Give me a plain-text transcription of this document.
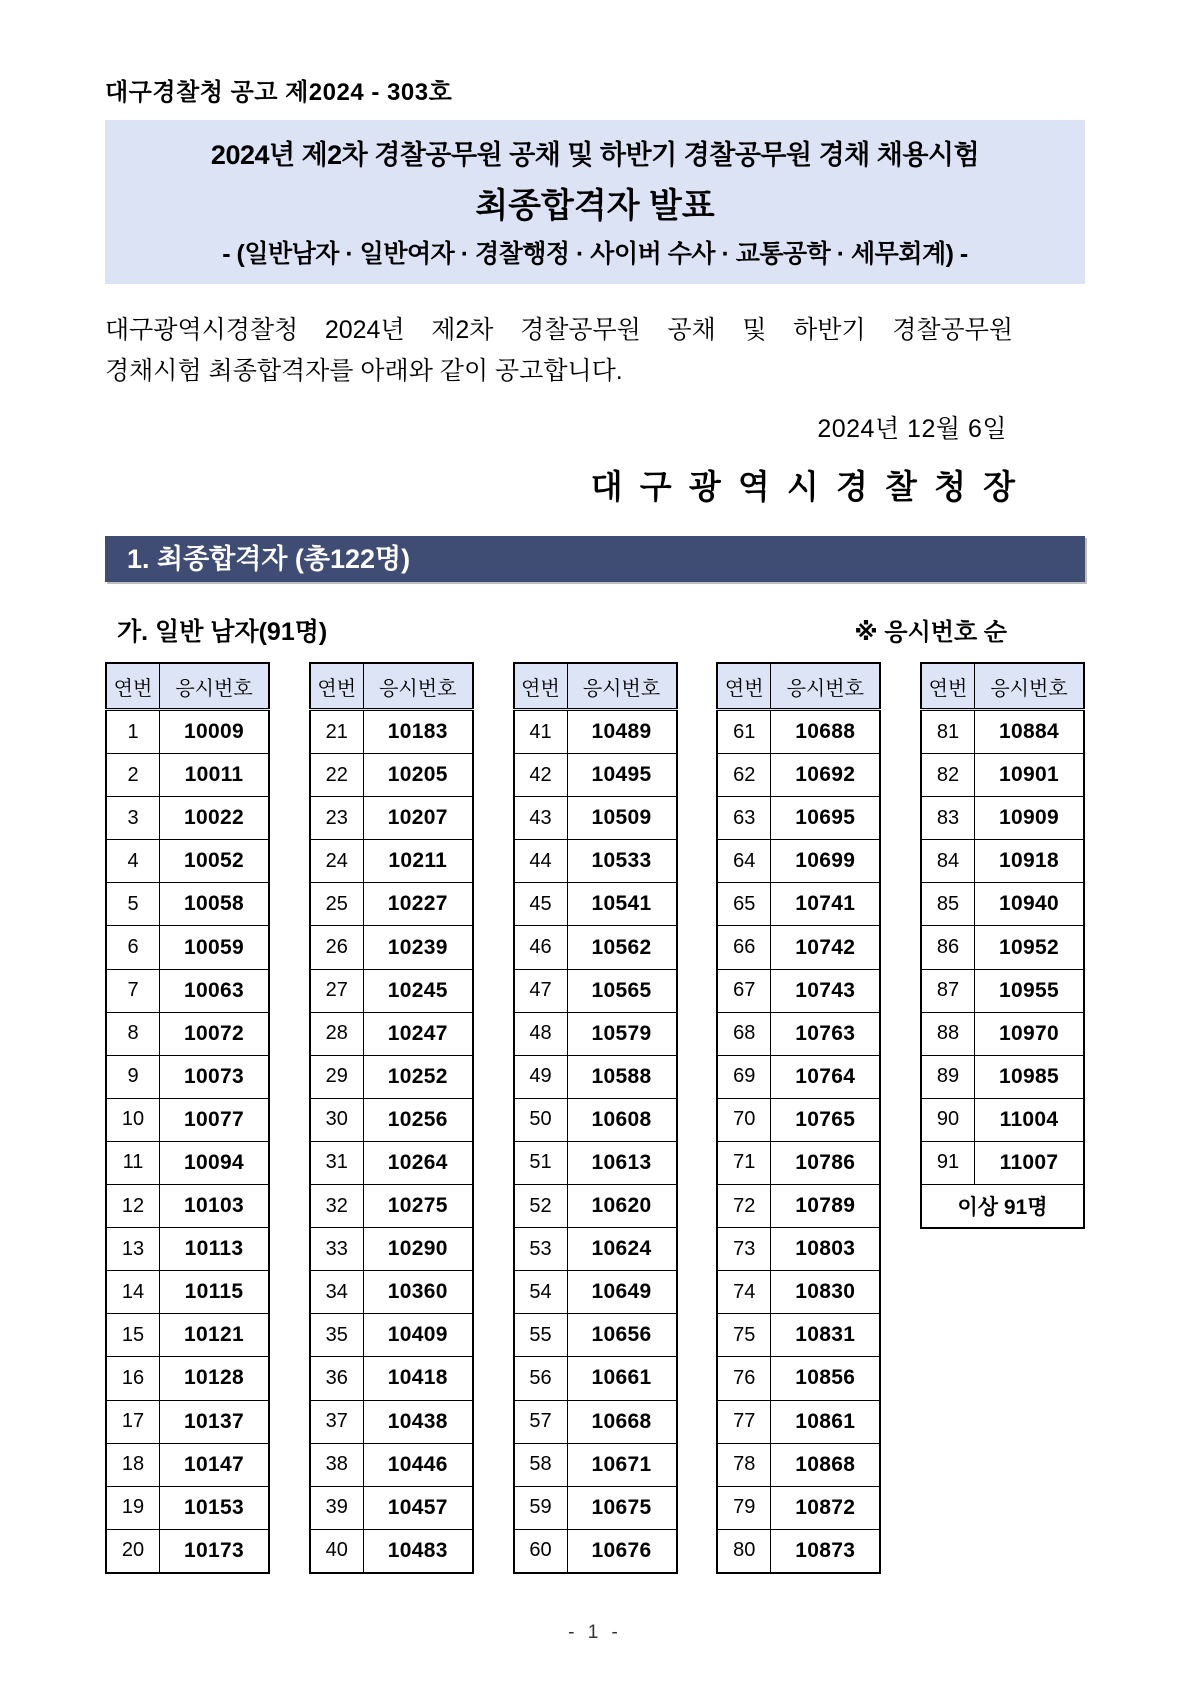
대구경찰청 공고 제2024 - 303호
2024년 제2차 경찰공무원 공채 및 하반기 경찰공무원 경채 채용시험
최종합격자 발표
- (일반남자 · 일반여자 · 경찰행정 · 사이버 수사 · 교통공학 · 세무회계) -
대구광역시경찰청 2024년 제2차 경찰공무원 공채 및 하반기 경찰공무원
경채시험 최종합격자를 아래와 같이 공고합니다.
2024년 12월 6일
대 구 광 역 시 경 찰 청 장
1. 최종합격자 (총122명)
가. 일반 남자(91명)	※ 응시번호 순
연번	응시번호
1	10009
2	10011
3	10022
4	10052
5	10058
6	10059
7	10063
8	10072
9	10073
10	10077
11	10094
12	10103
13	10113
14	10115
15	10121
16	10128
17	10137
18	10147
19	10153
20	10173
연번	응시번호
21	10183
22	10205
23	10207
24	10211
25	10227
26	10239
27	10245
28	10247
29	10252
30	10256
31	10264
32	10275
33	10290
34	10360
35	10409
36	10418
37	10438
38	10446
39	10457
40	10483
연번	응시번호
41	10489
42	10495
43	10509
44	10533
45	10541
46	10562
47	10565
48	10579
49	10588
50	10608
51	10613
52	10620
53	10624
54	10649
55	10656
56	10661
57	10668
58	10671
59	10675
60	10676
연번	응시번호
61	10688
62	10692
63	10695
64	10699
65	10741
66	10742
67	10743
68	10763
69	10764
70	10765
71	10786
72	10789
73	10803
74	10830
75	10831
76	10856
77	10861
78	10868
79	10872
80	10873
연번	응시번호
81	10884
82	10901
83	10909
84	10918
85	10940
86	10952
87	10955
88	10970
89	10985
90	11004
91	11007
이상 91명	
- 1 -
